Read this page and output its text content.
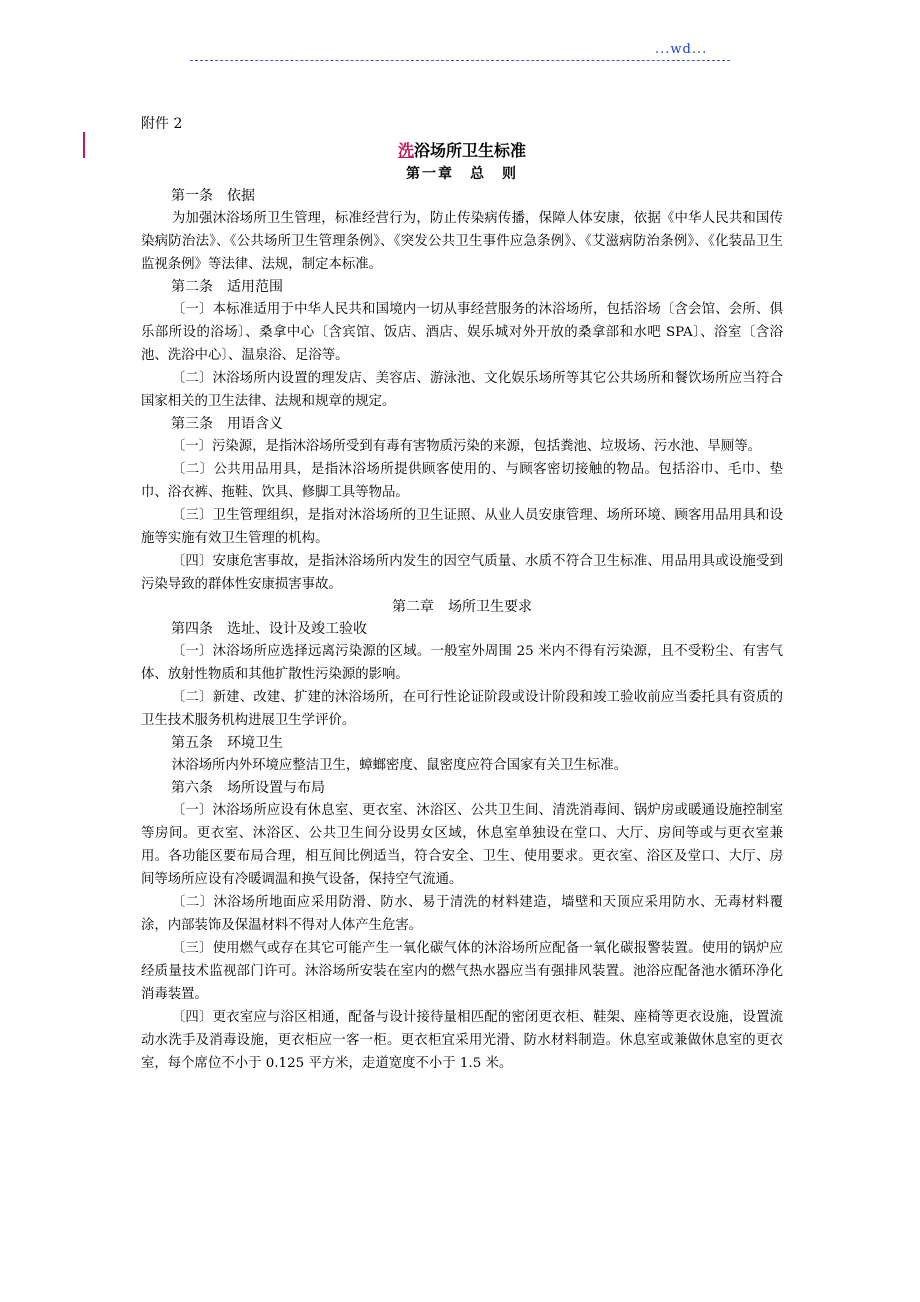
...wd...

附件 2

洗浴场所卫生标准

第一章　总　则

第一条　依据

为加强沐浴场所卫生管理，标准经营行为，防止传染病传播，保障人体安康，依据《中华人民共和国传染病防治法》、《公共场所卫生管理条例》、《突发公共卫生事件应急条例》、《艾滋病防治条例》、《化装品卫生监视条例》等法律、法规，制定本标准。

第二条　适用范围

〔一〕本标准适用于中华人民共和国境内一切从事经营服务的沐浴场所，包括浴场〔含会馆、会所、俱乐部所设的浴场〕、桑拿中心〔含宾馆、饭店、酒店、娱乐城对外开放的桑拿部和水吧 SPA〕、浴室〔含浴池、洗浴中心〕、温泉浴、足浴等。

〔二〕沐浴场所内设置的理发店、美容店、游泳池、文化娱乐场所等其它公共场所和餐饮场所应当符合国家相关的卫生法律、法规和规章的规定。

第三条　用语含义

〔一〕污染源，是指沐浴场所受到有毒有害物质污染的来源，包括粪池、垃圾场、污水池、旱厕等。

〔二〕公共用品用具，是指沐浴场所提供顾客使用的、与顾客密切接触的物品。包括浴巾、毛巾、垫巾、浴衣裤、拖鞋、饮具、修脚工具等物品。

〔三〕卫生管理组织，是指对沐浴场所的卫生证照、从业人员安康管理、场所环境、顾客用品用具和设施等实施有效卫生管理的机构。

〔四〕安康危害事故，是指沐浴场所内发生的因空气质量、水质不符合卫生标准、用品用具或设施受到污染导致的群体性安康损害事故。

第二章　场所卫生要求

第四条　选址、设计及竣工验收

〔一〕沐浴场所应选择远离污染源的区域。一般室外周围 25 米内不得有污染源，且不受粉尘、有害气体、放射性物质和其他扩散性污染源的影响。

〔二〕新建、改建、扩建的沐浴场所，在可行性论证阶段或设计阶段和竣工验收前应当委托具有资质的卫生技术服务机构进展卫生学评价。

第五条　环境卫生

沐浴场所内外环境应整洁卫生，蟑螂密度、鼠密度应符合国家有关卫生标准。

第六条　场所设置与布局

〔一〕沐浴场所应设有休息室、更衣室、沐浴区、公共卫生间、清洗消毒间、锅炉房或暖通设施控制室等房间。更衣室、沐浴区、公共卫生间分设男女区域，休息室单独设在堂口、大厅、房间等或与更衣室兼用。各功能区要布局合理，相互间比例适当，符合安全、卫生、使用要求。更衣室、浴区及堂口、大厅、房间等场所应设有冷暖调温和换气设备，保持空气流通。

〔二〕沐浴场所地面应采用防滑、防水、易于清洗的材料建造，墙壁和天顶应采用防水、无毒材料覆涂，内部装饰及保温材料不得对人体产生危害。

〔三〕使用燃气或存在其它可能产生一氧化碳气体的沐浴场所应配备一氧化碳报警装置。使用的锅炉应经质量技术监视部门许可。沐浴场所安装在室内的燃气热水器应当有强排风装置。池浴应配备池水循环净化消毒装置。

〔四〕更衣室应与浴区相通，配备与设计接待量相匹配的密闭更衣柜、鞋架、座椅等更衣设施，设置流动水洗手及消毒设施，更衣柜应一客一柜。更衣柜宜采用光滑、防水材料制造。休息室或兼做休息室的更衣室，每个席位不小于 0.125 平方米，走道宽度不小于 1.5 米。
